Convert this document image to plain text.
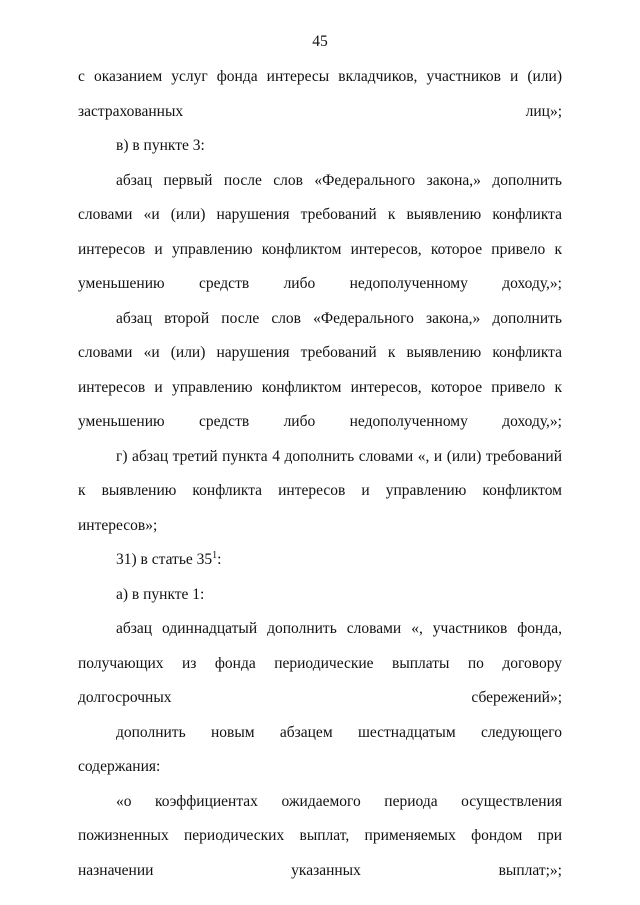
45

с оказанием услуг фонда интересы вкладчиков, участников и (или) застрахованных лиц»;

в) в пункте 3:

абзац первый после слов «Федерального закона,» дополнить словами «и (или) нарушения требований к выявлению конфликта интересов и управлению конфликтом интересов, которое привело к уменьшению средств либо недополученному доходу,»;

абзац второй после слов «Федерального закона,» дополнить словами «и (или) нарушения требований к выявлению конфликта интересов и управлению конфликтом интересов, которое привело к уменьшению средств либо недополученному доходу,»;

г) абзац третий пункта 4 дополнить словами «, и (или) требований к выявлению конфликта интересов и управлению конфликтом интересов»;

31) в статье $35^1$:

а) в пункте 1:

абзац одиннадцатый дополнить словами «, участников фонда, получающих из фонда периодические выплаты по договору долгосрочных сбережений»;

дополнить новым абзацем шестнадцатым следующего содержания:

«о коэффициентах ожидаемого периода осуществления пожизненных периодических выплат, применяемых фондом при назначении указанных выплат;»;
